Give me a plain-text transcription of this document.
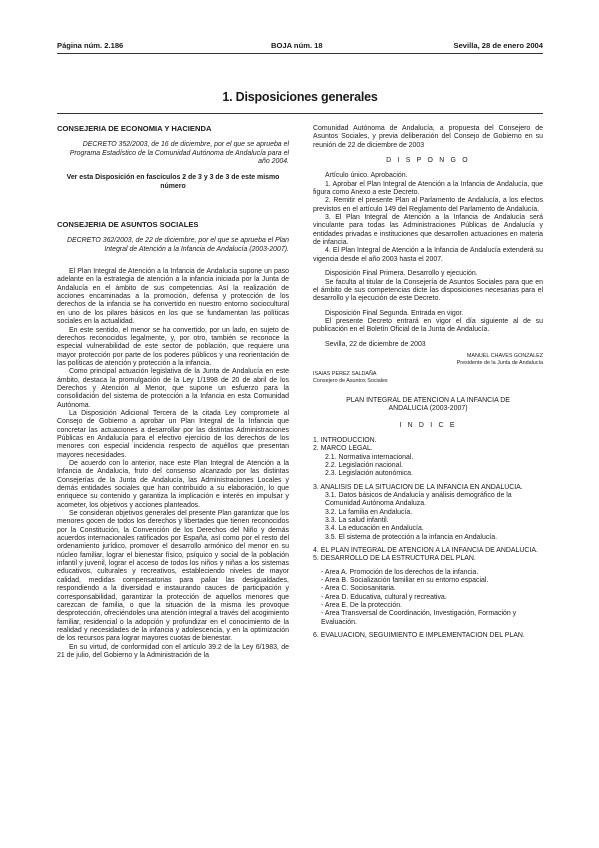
Página núm. 2.186	BOJA núm. 18	Sevilla, 28 de enero 2004
1. Disposiciones generales

CONSEJERIA DE ECONOMIA Y HACIENDA

DECRETO 352/2003, de 16 de diciembre, por el que se aprueba el Programa Estadístico de la Comunidad Autónoma de Andalucía para el año 2004.

Ver esta Disposición en fascículos 2 de 3 y 3 de 3 de este mismo número

CONSEJERIA DE ASUNTOS SOCIALES

DECRETO 362/2003, de 22 de diciembre, por el que se aprueba el Plan Integral de Atención a la Infancia de Andalucía (2003-2007).

El Plan Integral de Atención a la Infancia de Andalucía supone un paso adelante en la estrategia de atención a la infancia iniciada por la Junta de Andalucía en el ámbito de sus competencias. Así la realización de acciones encaminadas a la promoción, defensa y protección de los derechos de la infancia se ha convertido en nuestro entorno sociocultural en uno de los pilares básicos en los que se fundamentan las políticas sociales en la actualidad.

En este sentido, el menor se ha convertido, por un lado, en sujeto de derechos reconocidos legalmente, y, por otro, también se reconoce la especial vulnerabilidad de este sector de población, que requiere una mayor protección por parte de los poderes públicos y una reorientación de las políticas de atención y protección a la infancia.

Como principal actuación legislativa de la Junta de Andalucía en este ámbito, destaca la promulgación de la Ley 1/1998 de 20 de abril de los Derechos y Atención al Menor, que supone un esfuerzo para la consolidación del sistema de protección a la Infancia en esta Comunidad Autónoma.

La Disposición Adicional Tercera de la citada Ley compromete al Consejo de Gobierno a aprobar un Plan Integral de la Infancia que concretar las actuaciones a desarrollar por las distintas Administraciones Públicas en Andalucía para el efectivo ejercicio de los derechos de los menores con especial incidencia respecto de aquéllos que presentan mayores necesidades.

De acuerdo con lo anterior, nace este Plan Integral de Atención a la Infancia de Andalucía, fruto del consenso alcanzado por las distintas Consejerías de la Junta de Andalucía, las Administraciones Locales y demás entidades sociales que han contribuido a su elaboración, lo que enriquece su contenido y garantiza la implicación e interés en impulsar y acometer, los objetivos y acciones planteados.

Se consideran objetivos generales del presente Plan garantizar que los menores gocen de todos los derechos y libertades que tienen reconocidos por la Constitución, la Convención de los Derechos del Niño y demás acuerdos internacionales ratificados por España, así como por el resto del ordenamiento jurídico, promover el desarrollo armónico del menor en su núcleo familiar, lograr el bienestar físico, psíquico y social de la población infantil y juvenil, lograr el acceso de todos los niños y niñas a los sistemas educativos, culturales y recreativos, estableciendo niveles de mayor calidad, medidas compensatorias para paliar las desigualdades, respondiendo a la diversidad e instaurando cauces de participación y corresponsabilidad, garantizar la protección de aquellos menores que carezcan de familia, o que la situación de la misma les provoque desprotección, ofreciéndoles una atención integral a través del acogimiento familiar, residencial o la adopción y profundizar en el conocimiento de la realidad y necesidades de la infancia y adolescencia, y en la optimización de los recursos para lograr mayores cuotas de bienestar.

En su virtud, de conformidad con el artículo 39.2 de la Ley 6/1983, de 21 de julio, del Gobierno y la Administración de la

Comunidad Autónoma de Andalucía, a propuesta del Consejero de Asuntos Sociales, y previa deliberación del Consejo de Gobierno en su reunión de 22 de diciembre de 2003

D I S P O N G O

Artículo único. Aprobación.

1. Aprobar el Plan Integral de Atención a la Infancia de Andalucía, que figura como Anexo a este Decreto.

2. Remitir el presente Plan al Parlamento de Andalucía, a los efectos previstos en el artículo 149 del Reglamento del Parlamento de Andalucía.

3. El Plan Integral de Atención a la Infancia de Andalucía será vinculante para todas las Administraciones Públicas de Andalucía y entidades privadas e instituciones que desarrollen actuaciones en materia de infancia.

4. El Plan Integral de Atención a la Infancia de Andalucía extenderá su vigencia desde el año 2003 hasta el 2007.

Disposición Final Primera. Desarrollo y ejecución.

Se faculta al titular de la Consejería de Asuntos Sociales para que en el ámbito de sus competencias dicte las disposiciones necesarias para el desarrollo y la ejecución de este Decreto.

Disposición Final Segunda. Entrada en vigor.

El presente Decreto entrará en vigor el día siguiente al de su publicación en el Boletín Oficial de la Junta de Andalucía.

Sevilla, 22 de diciembre de 2003

MANUEL CHAVES GONZALEZ

Presidente de la Junta de Andalucía

ISAIAS PEREZ SALDAÑA

Consejero de Asuntos Sociales

PLAN INTEGRAL DE ATENCION A LA INFANCIA DE ANDALUCIA (2003-2007)

I N D I C E

1. INTRODUCCION.

2. MARCO LEGAL.

2.1. Normativa internacional.

2.2. Legislación nacional.

2.3. Legislación autonómica.

3. ANALISIS DE LA SITUACION DE LA INFANCIA EN ANDALUCIA.

3.1. Datos básicos de Andalucía y análisis demográfico de la Comunidad Autónoma Andaluza.

3.2. La familia en Andalucía.

3.3. La salud infantil.

3.4. La educación en Andalucía.

3.5. El sistema de protección a la infancia en Andalucía.

4. EL PLAN INTEGRAL DE ATENCION A LA INFANCIA DE ANDALUCIA.

5. DESARROLLO DE LA ESTRUCTURA DEL PLAN.

- Area A. Promoción de los derechos de la infancia.

- Area B. Socialización familiar en su entorno espacial.

- Area C. Sociosanitaria.

- Area D. Educativa, cultural y recreativa.

- Area E. De la protección.

- Area Transversal de Coordinación, Investigación, Formación y Evaluación.

6. EVALUACION, SEGUIMIENTO E IMPLEMENTACION DEL PLAN.
